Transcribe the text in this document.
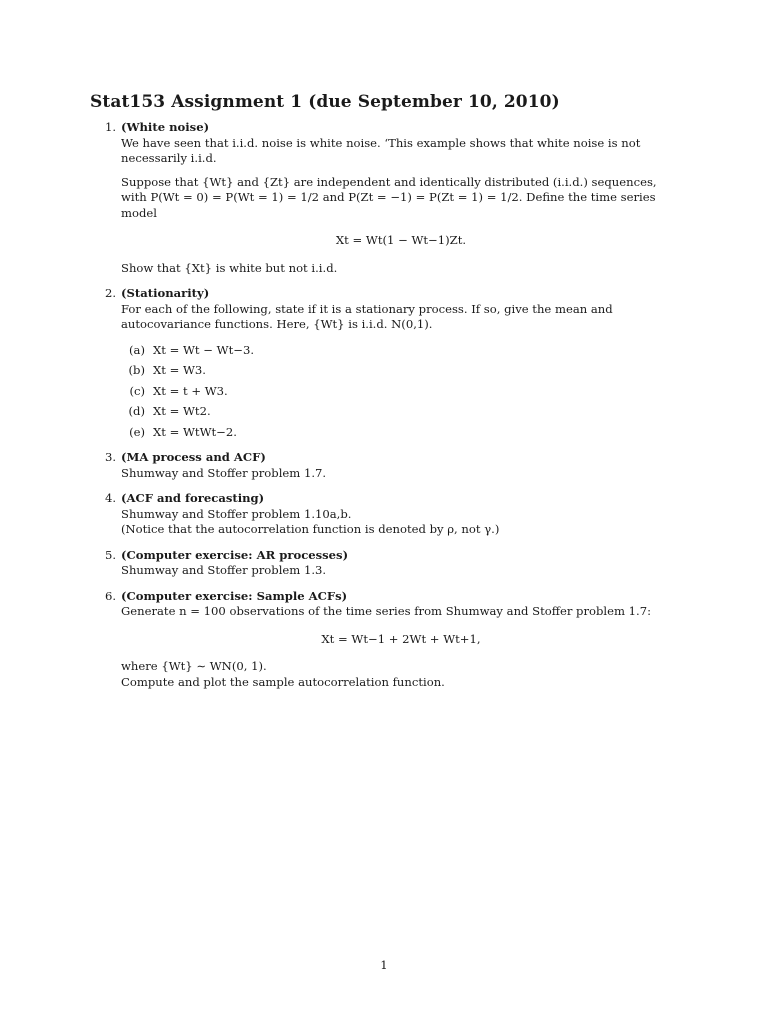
Stat153 Assignment 1 (due September 10, 2010)
1. (White noise)

We have seen that i.i.d. noise is white noise. ‘This example shows that white noise is not necessarily i.i.d.

Suppose that {Wt} and {Zt} are independent and identically distributed (i.i.d.) sequences, with P(Wt = 0) = P(Wt = 1) = 1/2 and P(Zt = −1) = P(Zt = 1) = 1/2. Define the time series model

Xt = Wt(1 − Wt−1)Zt.

Show that {Xt} is white but not i.i.d.

2. (Stationarity)

For each of the following, state if it is a stationary process. If so, give the mean and autocovariance functions. Here, {Wt} is i.i.d. N(0,1).

(a) Xt = Wt − Wt−3.
(b) Xt = W3.
(c) Xt = t + W3.
(d) Xt = Wt2.
(e) Xt = WtWt−2.
3. (MA process and ACF)

Shumway and Stoffer problem 1.7.

4. (ACF and forecasting)

Shumway and Stoffer problem 1.10a,b.

(Notice that the autocorrelation function is denoted by ρ, not γ.)

5. (Computer exercise: AR processes)

Shumway and Stoffer problem 1.3.

6. (Computer exercise: Sample ACFs)

Generate n = 100 observations of the time series from Shumway and Stoffer problem 1.7:

Xt = Wt−1 + 2Wt + Wt+1,

where {Wt} ∼ WN(0, 1).

Compute and plot the sample autocorrelation function.

1
